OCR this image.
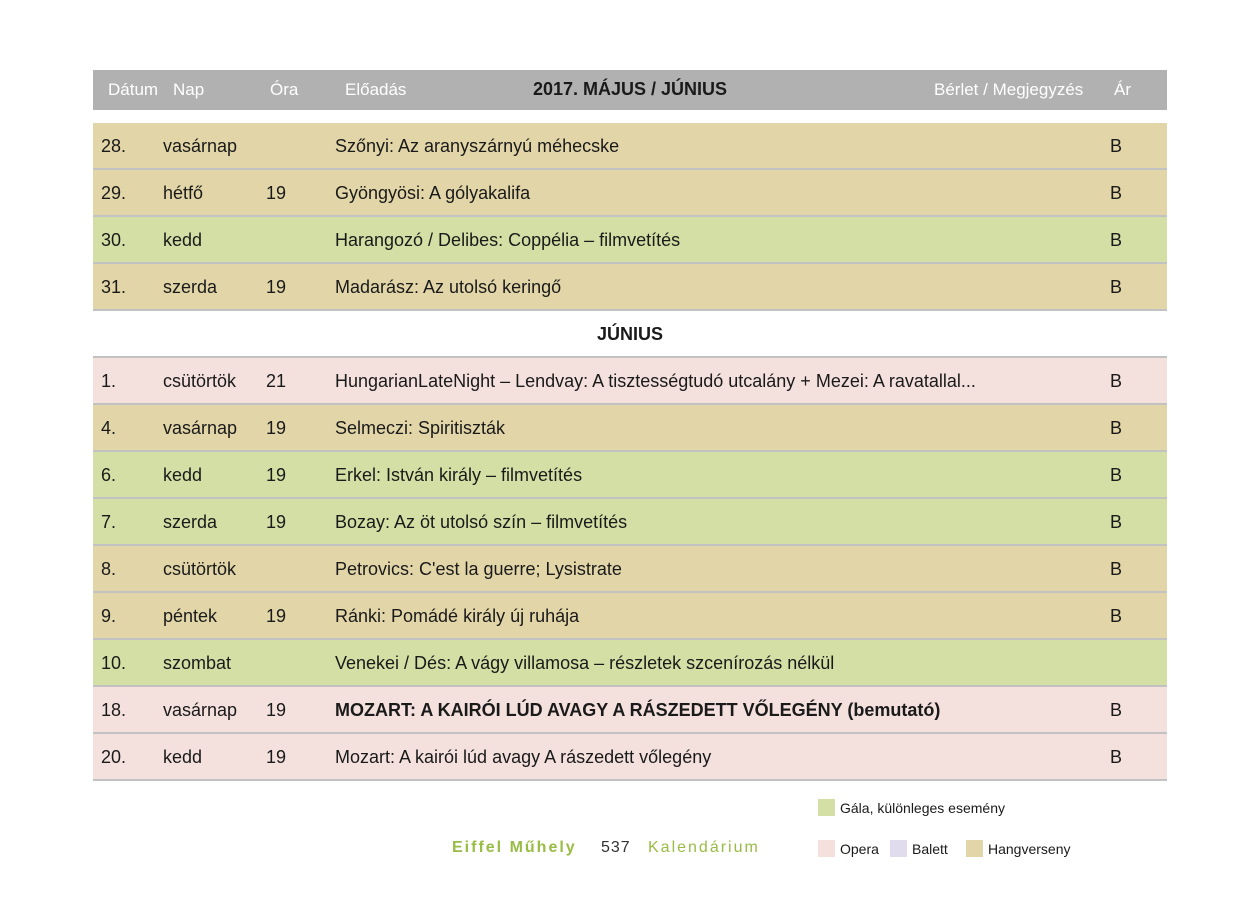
Dátum Nap	Óra	Előadás	2017. MÁJUS / JÚNIUS	Bérlet / Megjegyzés Ár
28. vasárnap	Szőnyi: Az aranyszárnyú méhecske	B
29. hétfő	19	Gyöngyösi: A gólyakalifa	B
30. kedd	Harangozó / Delibes: Coppélia – filmvetítés	B
31. szerda	19	Madarász: Az utolsó keringő	B
JÚNIUS
1.	csütörtök 21	HungarianLateNight – Lendvay: A tisztességtudó utcalány + Mezei: A ravatallal...	B
4.	vasárnap 19	Selmeczi: Spiritiszták	B
6.	kedd	19	Erkel: István király – filmvetítés	B
7.	szerda	19	Bozay: Az öt utolsó szín – filmvetítés	B
8.	csütörtök	Petrovics: C'est la guerre; Lysistrate	B
9.	péntek	19	Ránki: Pomádé király új ruhája	B
10. szombat	Venekei / Dés: A vágy villamosa – részletek szcenírozás nélkül
18. vasárnap 19	MOZART: A KAIRÓI LÚD AVAGY A RÁSZEDETT VŐLEGÉNY (bemutató)	B
20. kedd	19	Mozart: A kairói lúd avagy A rászedett vőlegény	B
Eiffel Műhely 537 Kalendárium
Gála, különleges esemény
Opera	Balett	Hangverseny
